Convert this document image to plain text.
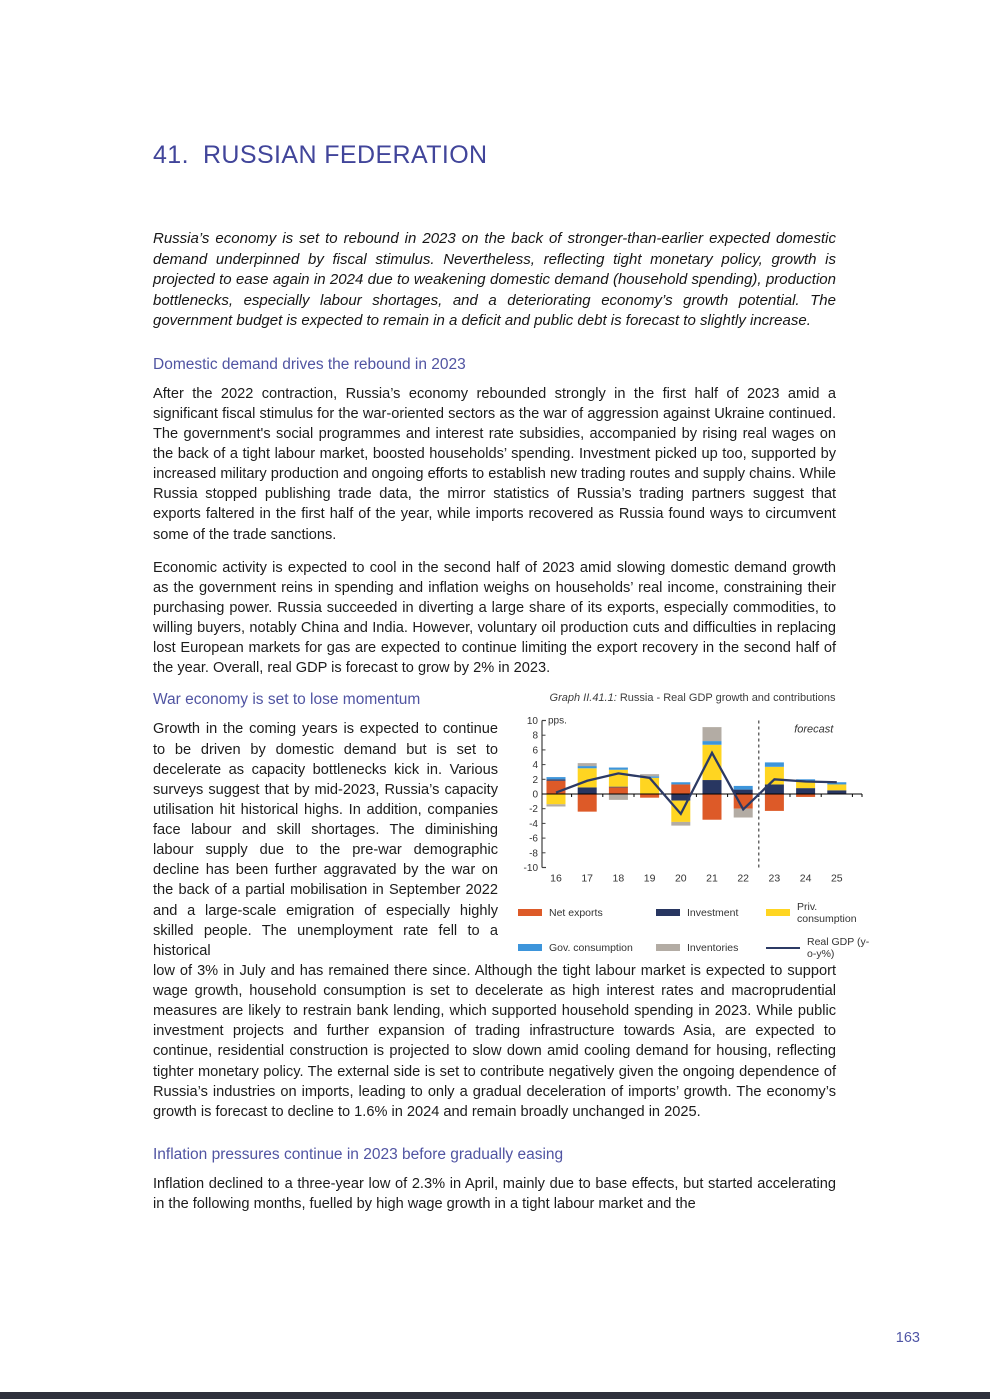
41. RUSSIAN FEDERATION
Russia’s economy is set to rebound in 2023 on the back of stronger-than-earlier expected domestic demand underpinned by fiscal stimulus. Nevertheless, reflecting tight monetary policy, growth is projected to ease again in 2024 due to weakening domestic demand (household spending), production bottlenecks, especially labour shortages, and a deteriorating economy’s growth potential. The government budget is expected to remain in a deficit and public debt is forecast to slightly increase.
Domestic demand drives the rebound in 2023

After the 2022 contraction, Russia’s economy rebounded strongly in the first half of 2023 amid a significant fiscal stimulus for the war-oriented sectors as the war of aggression against Ukraine continued. The government's social programmes and interest rate subsidies, accompanied by rising real wages on the back of a tight labour market, boosted households’ spending. Investment picked up too, supported by increased military production and ongoing efforts to establish new trading routes and supply chains. While Russia stopped publishing trade data, the mirror statistics of Russia’s trading partners suggest that exports faltered in the first half of the year, while imports recovered as Russia found ways to circumvent some of the trade sanctions.

Economic activity is expected to cool in the second half of 2023 amid slowing domestic demand growth as the government reins in spending and inflation weighs on households’ real income, constraining their purchasing power. Russia succeeded in diverting a large share of its exports, especially commodities, to willing buyers, notably China and India. However, voluntary oil production cuts and difficulties in replacing lost European markets for gas are expected to continue limiting the export recovery in the second half of the year. Overall, real GDP is forecast to grow by 2% in 2023.

War economy is set to lose momentum

Growth in the coming years is expected to continue to be driven by domestic demand but is set to decelerate as capacity bottlenecks kick in. Various surveys suggest that by mid-2023, Russia’s capacity utilisation hit historical highs. In addition, companies face labour and skill shortages. The diminishing labour supply due to the pre-war demographic decline has been further aggravated by the war on the back of a partial mobilisation in September 2022 and a large-scale emigration of especially highly skilled people. The unemployment rate fell to a historical

Graph II.41.1: Russia - Real GDP growth and contributions
-10
-8
-6
-4
-2
0
2
4
6
8
10 pps.
forecast
16 17 18 19 20 21 22 23 24 25
Net exports	Investment	Priv. consumption
Gov. consumption	Inventories	Real GDP (y-o-y%)

low of 3% in July and has remained there since. Although the tight labour market is expected to support wage growth, household consumption is set to decelerate as high interest rates and macroprudential measures are likely to restrain bank lending, which supported household spending in 2023. While public investment projects and further expansion of trading infrastructure towards Asia, are expected to continue, residential construction is projected to slow down amid cooling demand for housing, reflecting tighter monetary policy. The external side is set to contribute negatively given the ongoing dependence of Russia’s industries on imports, leading to only a gradual deceleration of imports’ growth. The economy’s growth is forecast to decline to 1.6% in 2024 and remain broadly unchanged in 2025.

Inflation pressures continue in 2023 before gradually easing

Inflation declined to a three-year low of 2.3% in April, mainly due to base effects, but started accelerating in the following months, fuelled by high wage growth in a tight labour market and the

163
